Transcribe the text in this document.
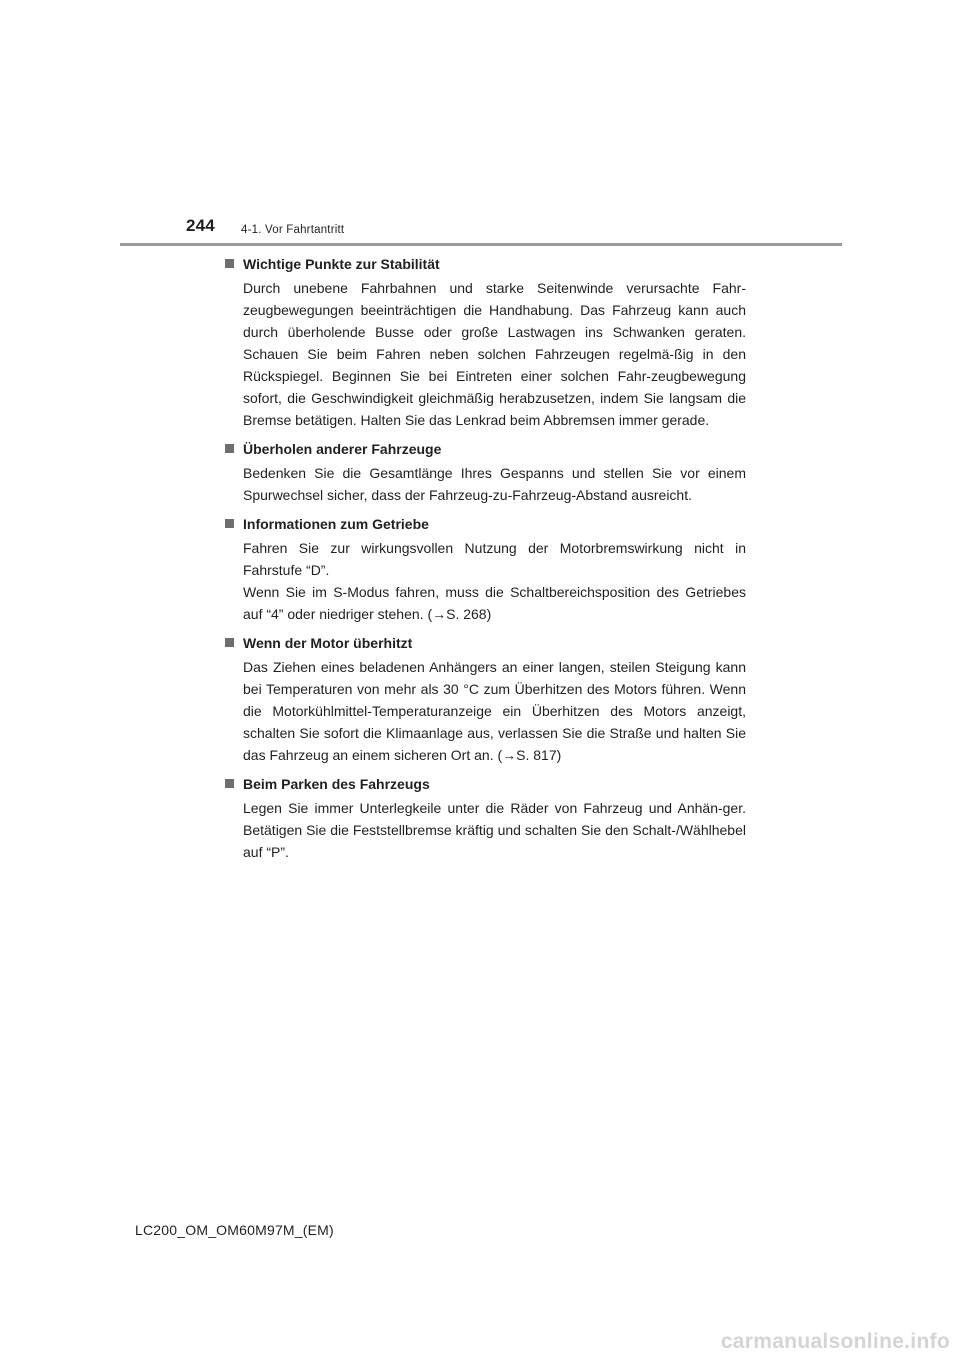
244 4-1. Vor Fahrtantritt
Wichtige Punkte zur Stabilität

Durch unebene Fahrbahnen und starke Seitenwinde verursachte Fahr-zeugbewegungen beeinträchtigen die Handhabung. Das Fahrzeug kann auch durch überholende Busse oder große Lastwagen ins Schwanken geraten. Schauen Sie beim Fahren neben solchen Fahrzeugen regelmä-ßig in den Rückspiegel. Beginnen Sie bei Eintreten einer solchen Fahr-zeugbewegung sofort, die Geschwindigkeit gleichmäßig herabzusetzen, indem Sie langsam die Bremse betätigen. Halten Sie das Lenkrad beim Abbremsen immer gerade.

Überholen anderer Fahrzeuge

Bedenken Sie die Gesamtlänge Ihres Gespanns und stellen Sie vor einem Spurwechsel sicher, dass der Fahrzeug-zu-Fahrzeug-Abstand ausreicht.

Informationen zum Getriebe

Fahren Sie zur wirkungsvollen Nutzung der Motorbremswirkung nicht in Fahrstufe “D”.

Wenn Sie im S-Modus fahren, muss die Schaltbereichsposition des Getriebes auf “4” oder niedriger stehen. (→S. 268)

Wenn der Motor überhitzt

Das Ziehen eines beladenen Anhängers an einer langen, steilen Steigung kann bei Temperaturen von mehr als 30 °C zum Überhitzen des Motors führen. Wenn die Motorkühlmittel-Temperaturanzeige ein Überhitzen des Motors anzeigt, schalten Sie sofort die Klimaanlage aus, verlassen Sie die Straße und halten Sie das Fahrzeug an einem sicheren Ort an. (→S. 817)

Beim Parken des Fahrzeugs

Legen Sie immer Unterlegkeile unter die Räder von Fahrzeug und Anhän-ger. Betätigen Sie die Feststellbremse kräftig und schalten Sie den Schalt-/Wählhebel auf “P”.

LC200_OM_OM60M97M_(EM)
carmanualsonline.info
